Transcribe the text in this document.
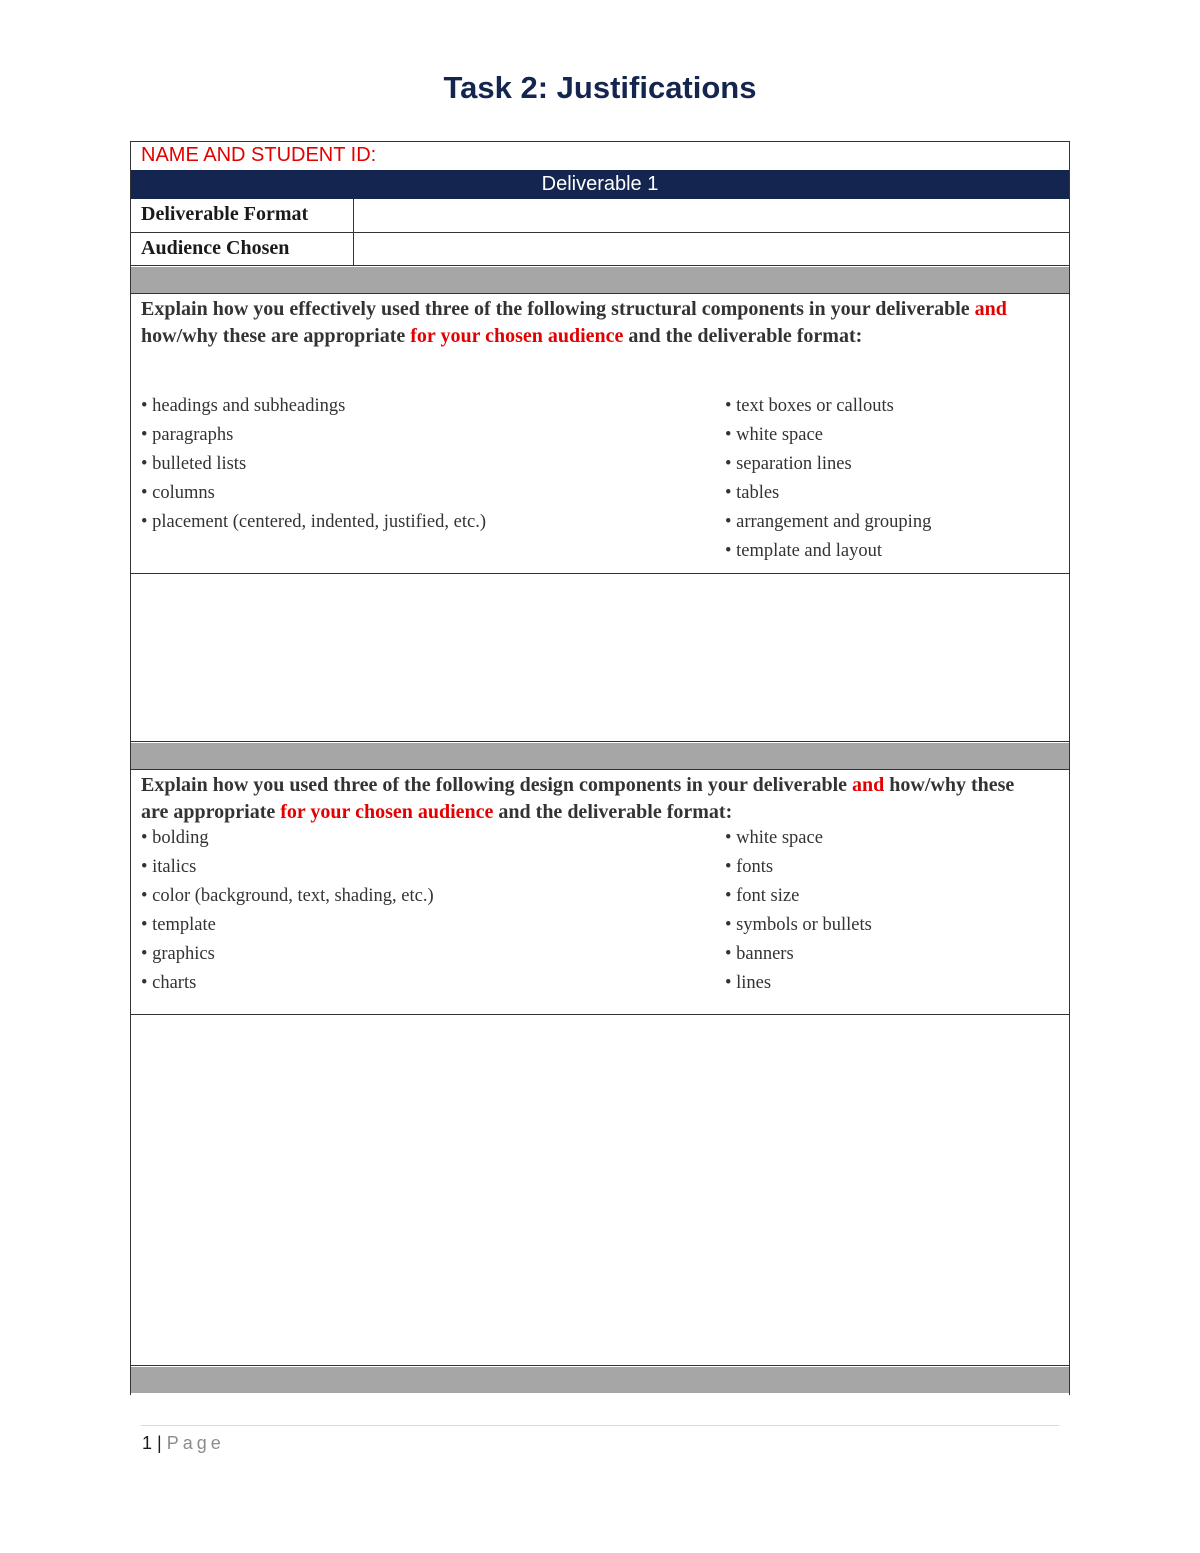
Task 2: Justifications
NAME AND STUDENT ID:
Deliverable 1
Deliverable Format
Audience Chosen
Explain how you effectively used three of the following structural components in your deliverable and how/why these are appropriate for your chosen audience and the deliverable format:
• headings and subheadings
• paragraphs
• bulleted lists
• columns
• placement (centered, indented, justified, etc.)
• text boxes or callouts
• white space
• separation lines
• tables
• arrangement and grouping
• template and layout
Explain how you used three of the following design components in your deliverable and how/why these are appropriate for your chosen audience and the deliverable format:
• bolding
• italics
• color (background, text, shading, etc.)
• template
• graphics
• charts
• white space
• fonts
• font size
• symbols or bullets
• banners
• lines
1 | Page
